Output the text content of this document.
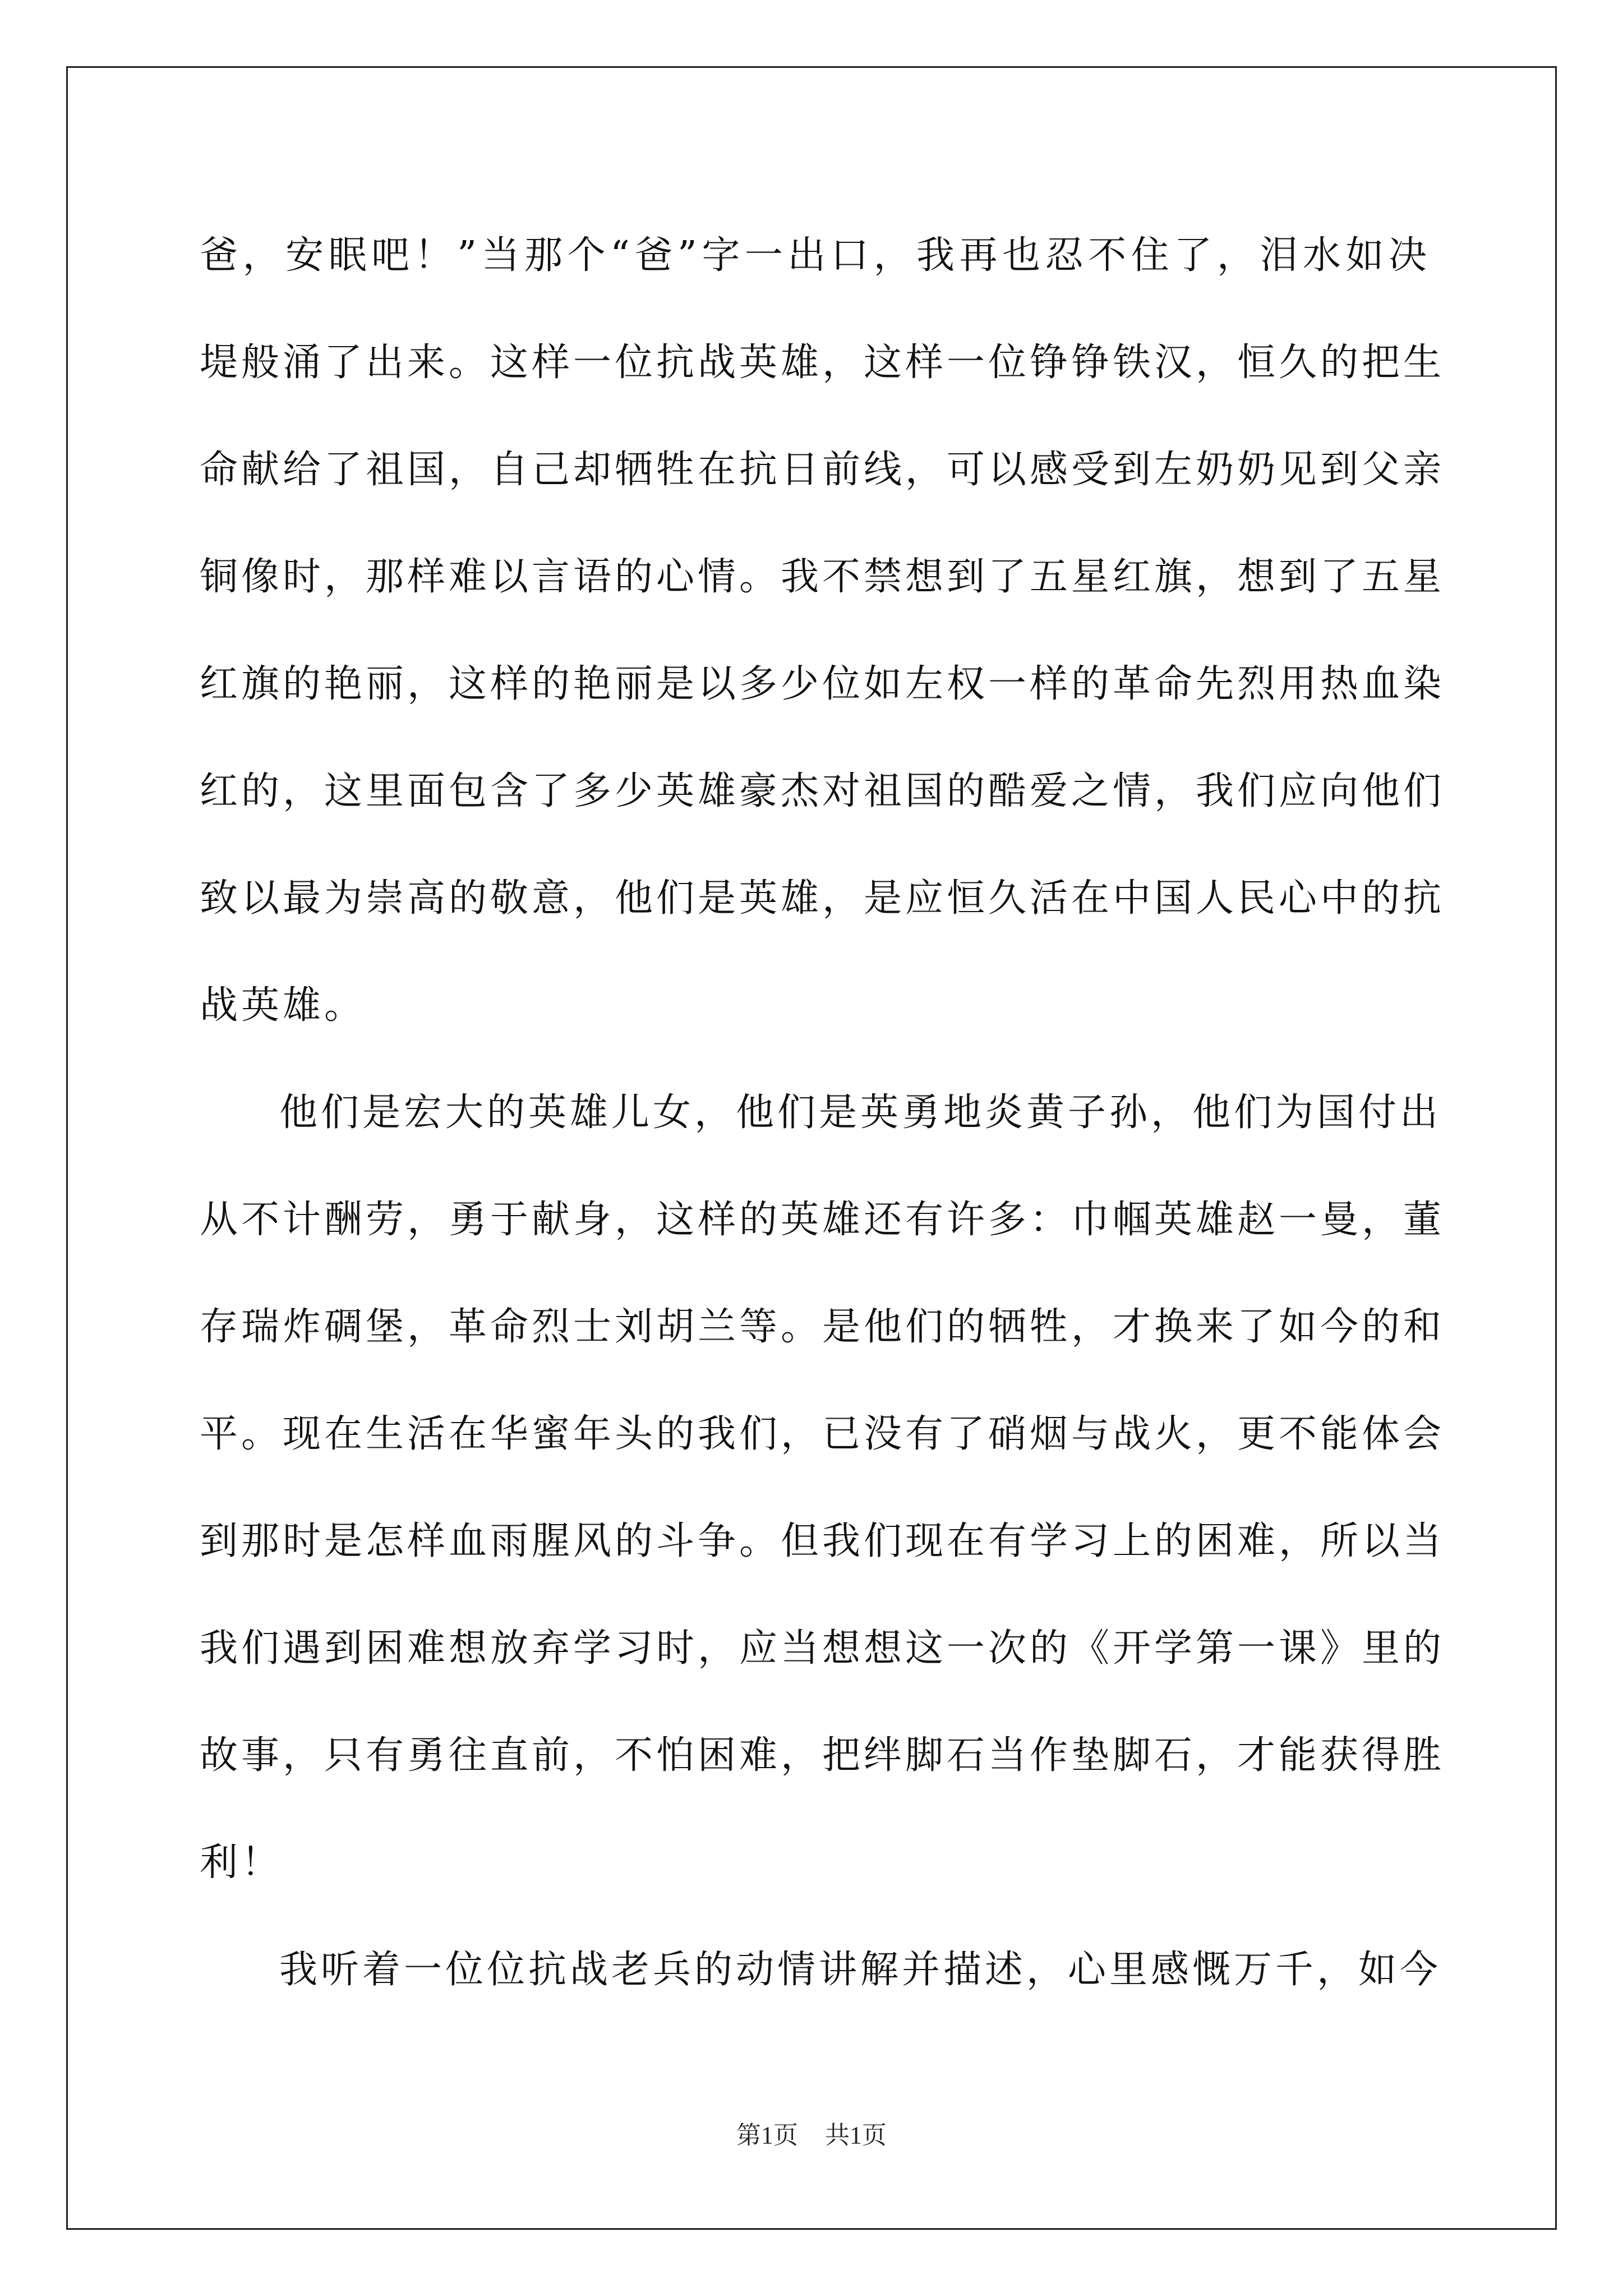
爸，安眠吧！”当那个“爸”字一出口，我再也忍不住了，泪水如决
堤般涌了出来。这样一位抗战英雄，这样一位铮铮铁汉，恒久的把生
命献给了祖国，自己却牺牲在抗日前线，可以感受到左奶奶见到父亲
铜像时，那样难以言语的心情。我不禁想到了五星红旗，想到了五星
红旗的艳丽，这样的艳丽是以多少位如左权一样的革命先烈用热血染
红的，这里面包含了多少英雄豪杰对祖国的酷爱之情，我们应向他们
致以最为崇高的敬意，他们是英雄，是应恒久活在中国人民心中的抗
战英雄。
他们是宏大的英雄儿女，他们是英勇地炎黄子孙，他们为国付出
从不计酬劳，勇于献身，这样的英雄还有许多：巾帼英雄赵一曼，董
存瑞炸碉堡，革命烈士刘胡兰等。是他们的牺牲，才换来了如今的和
平。现在生活在华蜜年头的我们，已没有了硝烟与战火，更不能体会
到那时是怎样血雨腥风的斗争。但我们现在有学习上的困难，所以当
我们遇到困难想放弃学习时，应当想想这一次的《开学第一课》里的
故事，只有勇往直前，不怕困难，把绊脚石当作垫脚石，才能获得胜
利！
我听着一位位抗战老兵的动情讲解并描述，心里感慨万千，如今
第1页 共1页
